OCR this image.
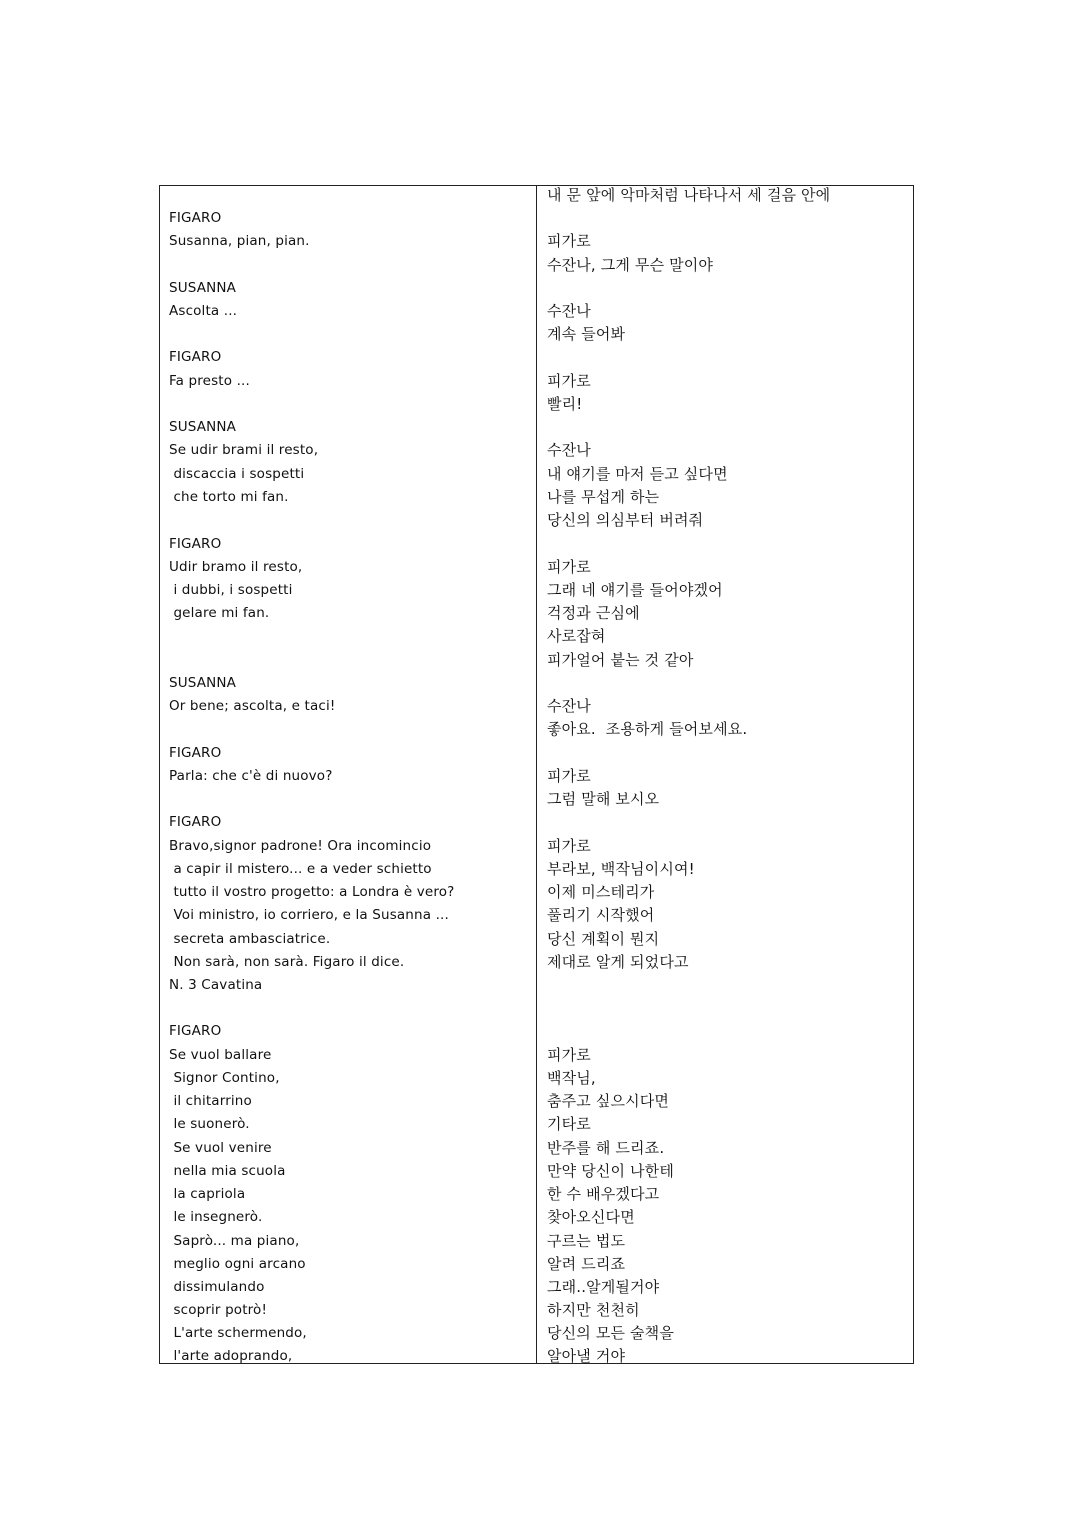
FIGARO
Susanna, pian, pian.
SUSANNA
Ascolta ...
FIGARO
Fa presto ...
SUSANNA
Se udir brami il resto,
discaccia i sospetti
che torto mi fan.
FIGARO
Udir bramo il resto,
i dubbi, i sospetti
gelare mi fan.
SUSANNA
Or bene; ascolta, e taci!
FIGARO
Parla: che c'è di nuovo?
FIGARO
Bravo,signor padrone! Ora incomincio
a capir il mistero... e a veder schietto
tutto il vostro progetto: a Londra è vero?
Voi ministro, io corriero, e la Susanna ...
secreta ambasciatrice.
Non sarà, non sarà. Figaro il dice.
N. 3 Cavatina
FIGARO
Se vuol ballare
Signor Contino,
il chitarrino
le suonerò.
Se vuol venire
nella mia scuola
la capriola
le insegnerò.
Saprò... ma piano,
meglio ogni arcano
dissimulando
scoprir potrò!
L'arte schermendo,
l'arte adoprando,
내 문 앞에 악마처럼 나타나서 세 걸음 안에
피가로
수잔나, 그게 무슨 말이야
수잔나
계속 들어봐
피가로
빨리!
수잔나
내 얘기를 마저 듣고 싶다면
나를 무섭게 하는
당신의 의심부터 버려줘
피가로
그래 네 얘기를 들어야겠어
걱정과 근심에
사로잡혀
피가얼어 붙는 것 같아
수잔나
좋아요.  조용하게 들어보세요.
피가로
그럼 말해 보시오
피가로
부라보, 백작님이시여!
이제 미스테리가
풀리기 시작했어
당신 계획이 뭔지
제대로 알게 되었다고
피가로
백작님,
춤주고 싶으시다면
기타로
반주를 해 드리죠.
만약 당신이 나한테
한 수 배우겠다고
찾아오신다면
구르는 법도
알려 드리죠
그래..알게될거야
하지만 천천히
당신의 모든 술책을
알아낼 거야
